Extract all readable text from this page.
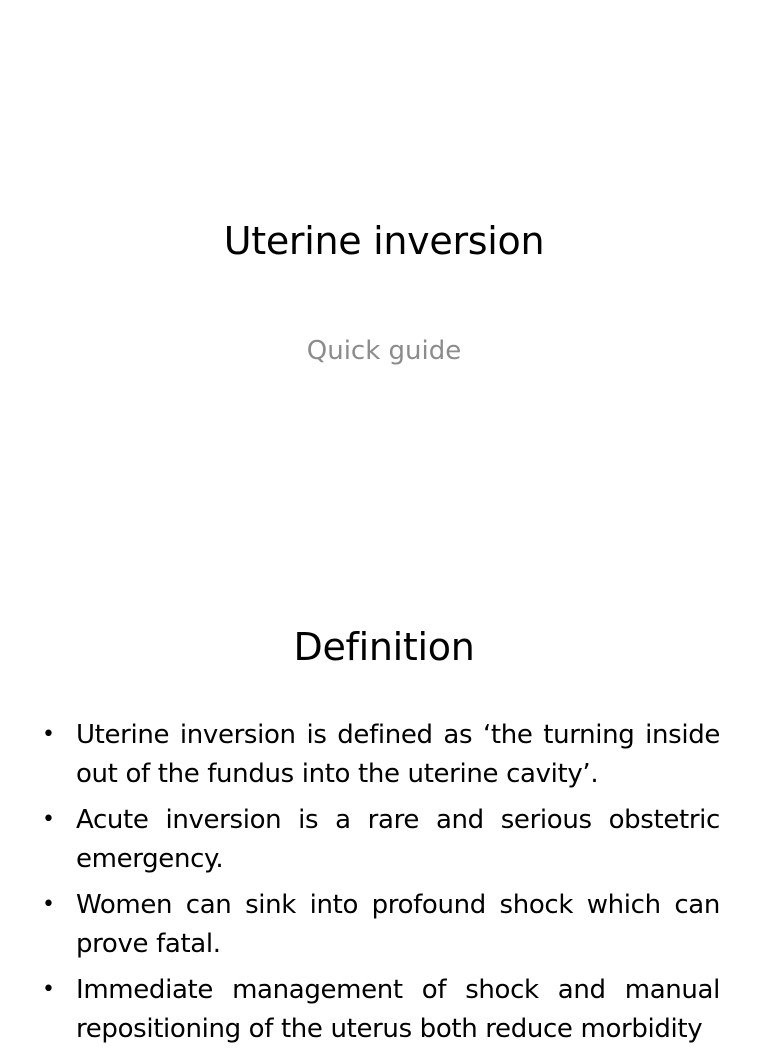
Uterine inversion
Quick guide
Definition
• Uterine inversion is defined as ‘the turning inside out of the fundus into the uterine cavity’.
• Acute inversion is a rare and serious obstetric emergency.
• Women can sink into profound shock which can prove fatal.
• Immediate management of shock and manual repositioning of the uterus both reduce morbidity
